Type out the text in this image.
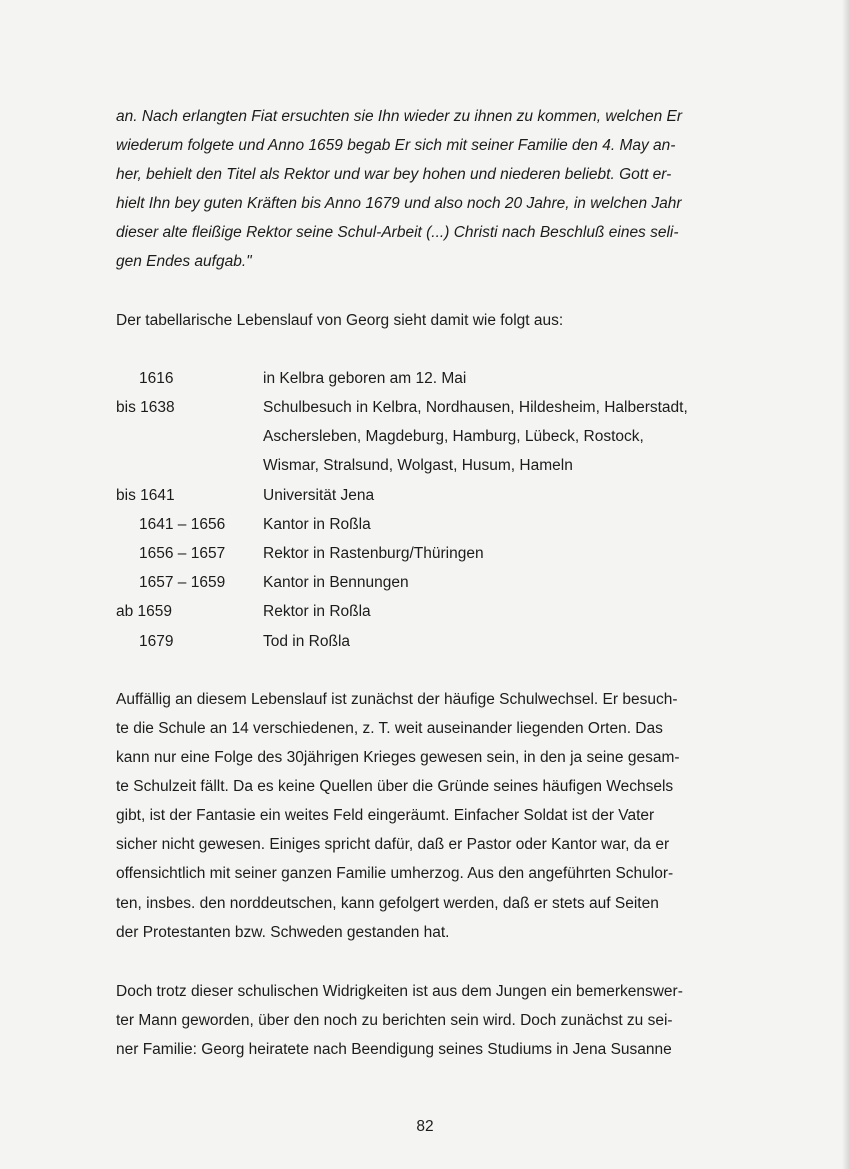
an. Nach erlangten Fiat ersuchten sie Ihn wieder zu ihnen zu kommen, welchen Er
wiederum folgete und Anno 1659 begab Er sich mit seiner Familie den 4. May an-
her, behielt den Titel als Rektor und war bey hohen und niederen beliebt. Gott er-
hielt Ihn bey guten Kräften bis Anno 1679 und also noch 20 Jahre, in welchen Jahr
dieser alte fleißige Rektor seine Schul-Arbeit (...) Christi nach Beschluß eines seli-
gen Endes aufgab."
Der tabellarische Lebenslauf von Georg sieht damit wie folgt aus:
1616	in Kelbra geboren am 12. Mai
bis 1638	Schulbesuch in Kelbra, Nordhausen, Hildesheim, Halberstadt,
Aschersleben, Magdeburg, Hamburg, Lübeck, Rostock,
Wismar, Stralsund, Wolgast, Husum, Hameln
bis 1641	Universität Jena
1641 – 1656 Kantor in Roßla
1656 – 1657 Rektor in Rastenburg/Thüringen
1657 – 1659 Kantor in Bennungen
ab 1659	Rektor in Roßla
1679	Tod in Roßla
Auffällig an diesem Lebenslauf ist zunächst der häufige Schulwechsel. Er besuch-
te die Schule an 14 verschiedenen, z. T. weit auseinander liegenden Orten. Das
kann nur eine Folge des 30jährigen Krieges gewesen sein, in den ja seine gesam-
te Schulzeit fällt. Da es keine Quellen über die Gründe seines häufigen Wechsels
gibt, ist der Fantasie ein weites Feld eingeräumt. Einfacher Soldat ist der Vater
sicher nicht gewesen. Einiges spricht dafür, daß er Pastor oder Kantor war, da er
offensichtlich mit seiner ganzen Familie umherzog. Aus den angeführten Schulor-
ten, insbes. den norddeutschen, kann gefolgert werden, daß er stets auf Seiten
der Protestanten bzw. Schweden gestanden hat.
Doch trotz dieser schulischen Widrigkeiten ist aus dem Jungen ein bemerkenswer-
ter Mann geworden, über den noch zu berichten sein wird. Doch zunächst zu sei-
ner Familie: Georg heiratete nach Beendigung seines Studiums in Jena Susanne
82
